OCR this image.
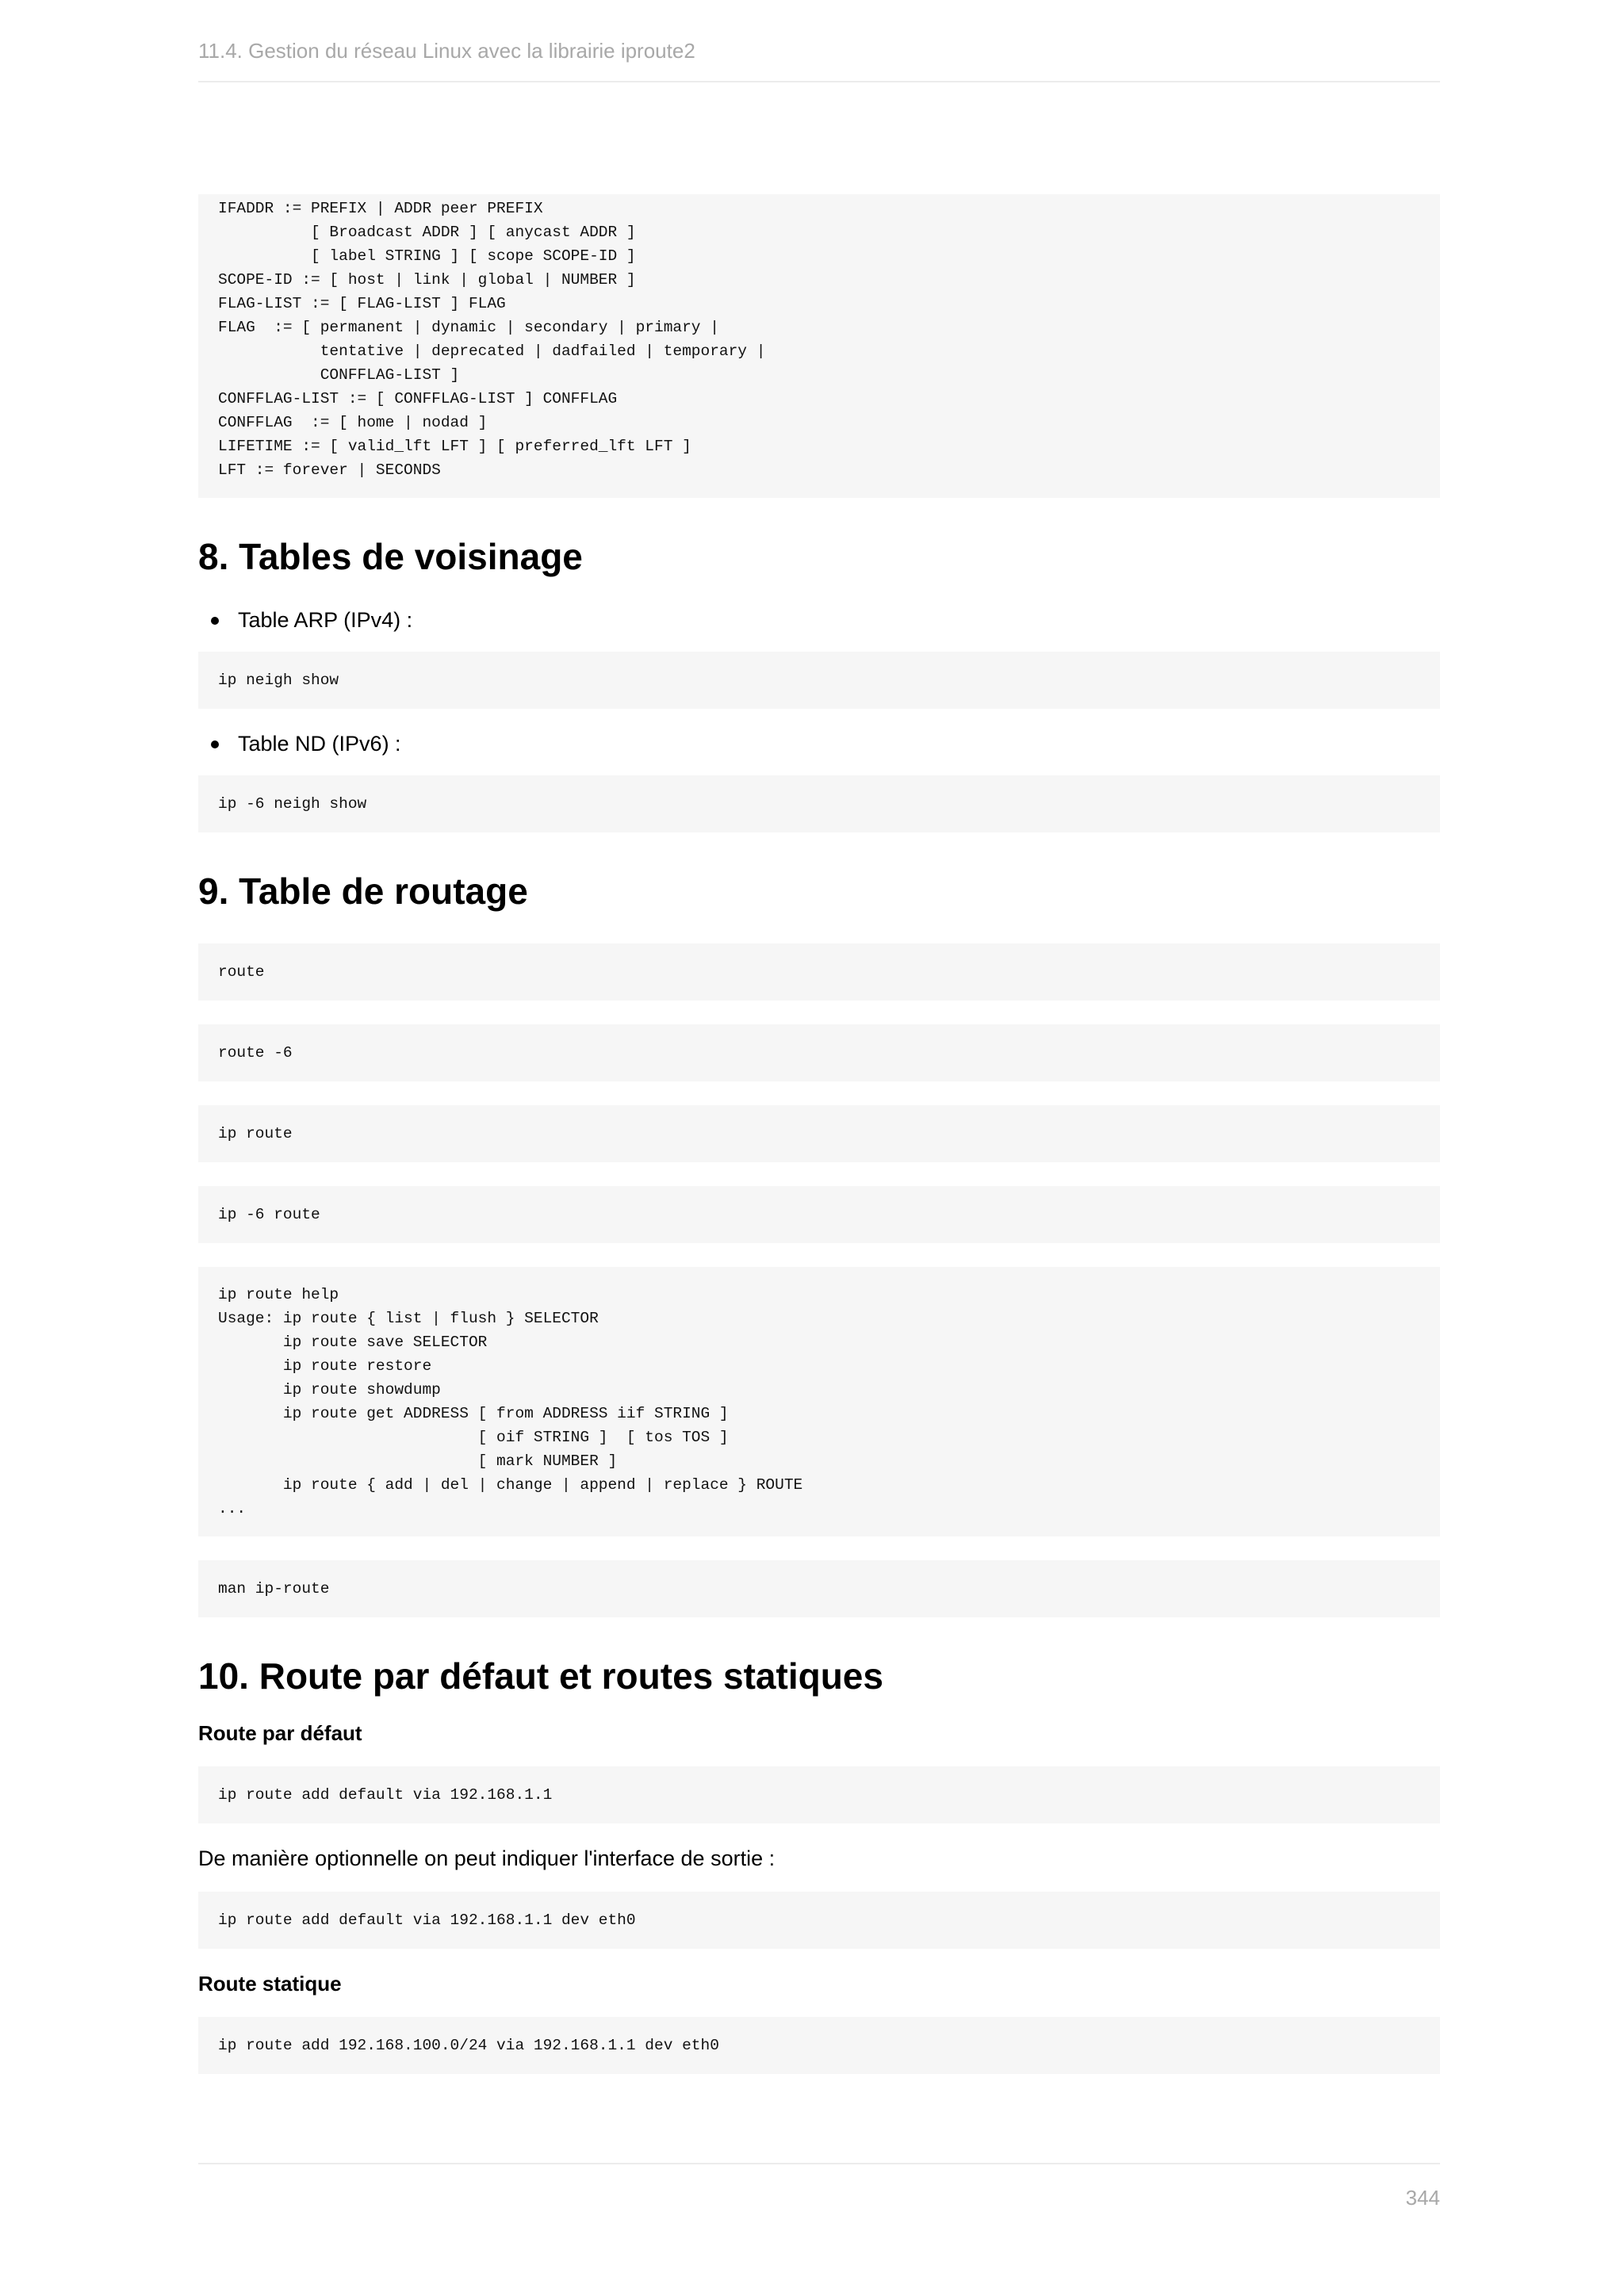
11.4. Gestion du réseau Linux avec la librairie iproute2
IFADDR := PREFIX | ADDR peer PREFIX
[ Broadcast ADDR ] [ anycast ADDR ]
[ label STRING ] [ scope SCOPE-ID ]
SCOPE-ID := [ host | link | global | NUMBER ]
FLAG-LIST := [ FLAG-LIST ] FLAG
FLAG  := [ permanent | dynamic | secondary | primary |
tentative | deprecated | dadfailed | temporary |
CONFFLAG-LIST ]
CONFFLAG-LIST := [ CONFFLAG-LIST ] CONFFLAG
CONFFLAG  := [ home | nodad ]
LIFETIME := [ valid_lft LFT ] [ preferred_lft LFT ]
LFT := forever | SECONDS
8. Tables de voisinage
Table ARP (IPv4) :
ip neigh show
Table ND (IPv6) :
ip -6 neigh show
9. Table de routage
route
route -6
ip route
ip -6 route
ip route help
Usage: ip route { list | flush } SELECTOR
ip route save SELECTOR
ip route restore
ip route showdump
ip route get ADDRESS [ from ADDRESS iif STRING ]
[ oif STRING ]  [ tos TOS ]
[ mark NUMBER ]
ip route { add | del | change | append | replace } ROUTE
...
man ip-route
10. Route par défaut et routes statiques
Route par défaut
ip route add default via 192.168.1.1
De manière optionnelle on peut indiquer l'interface de sortie :
ip route add default via 192.168.1.1 dev eth0
Route statique
ip route add 192.168.100.0/24 via 192.168.1.1 dev eth0
344
